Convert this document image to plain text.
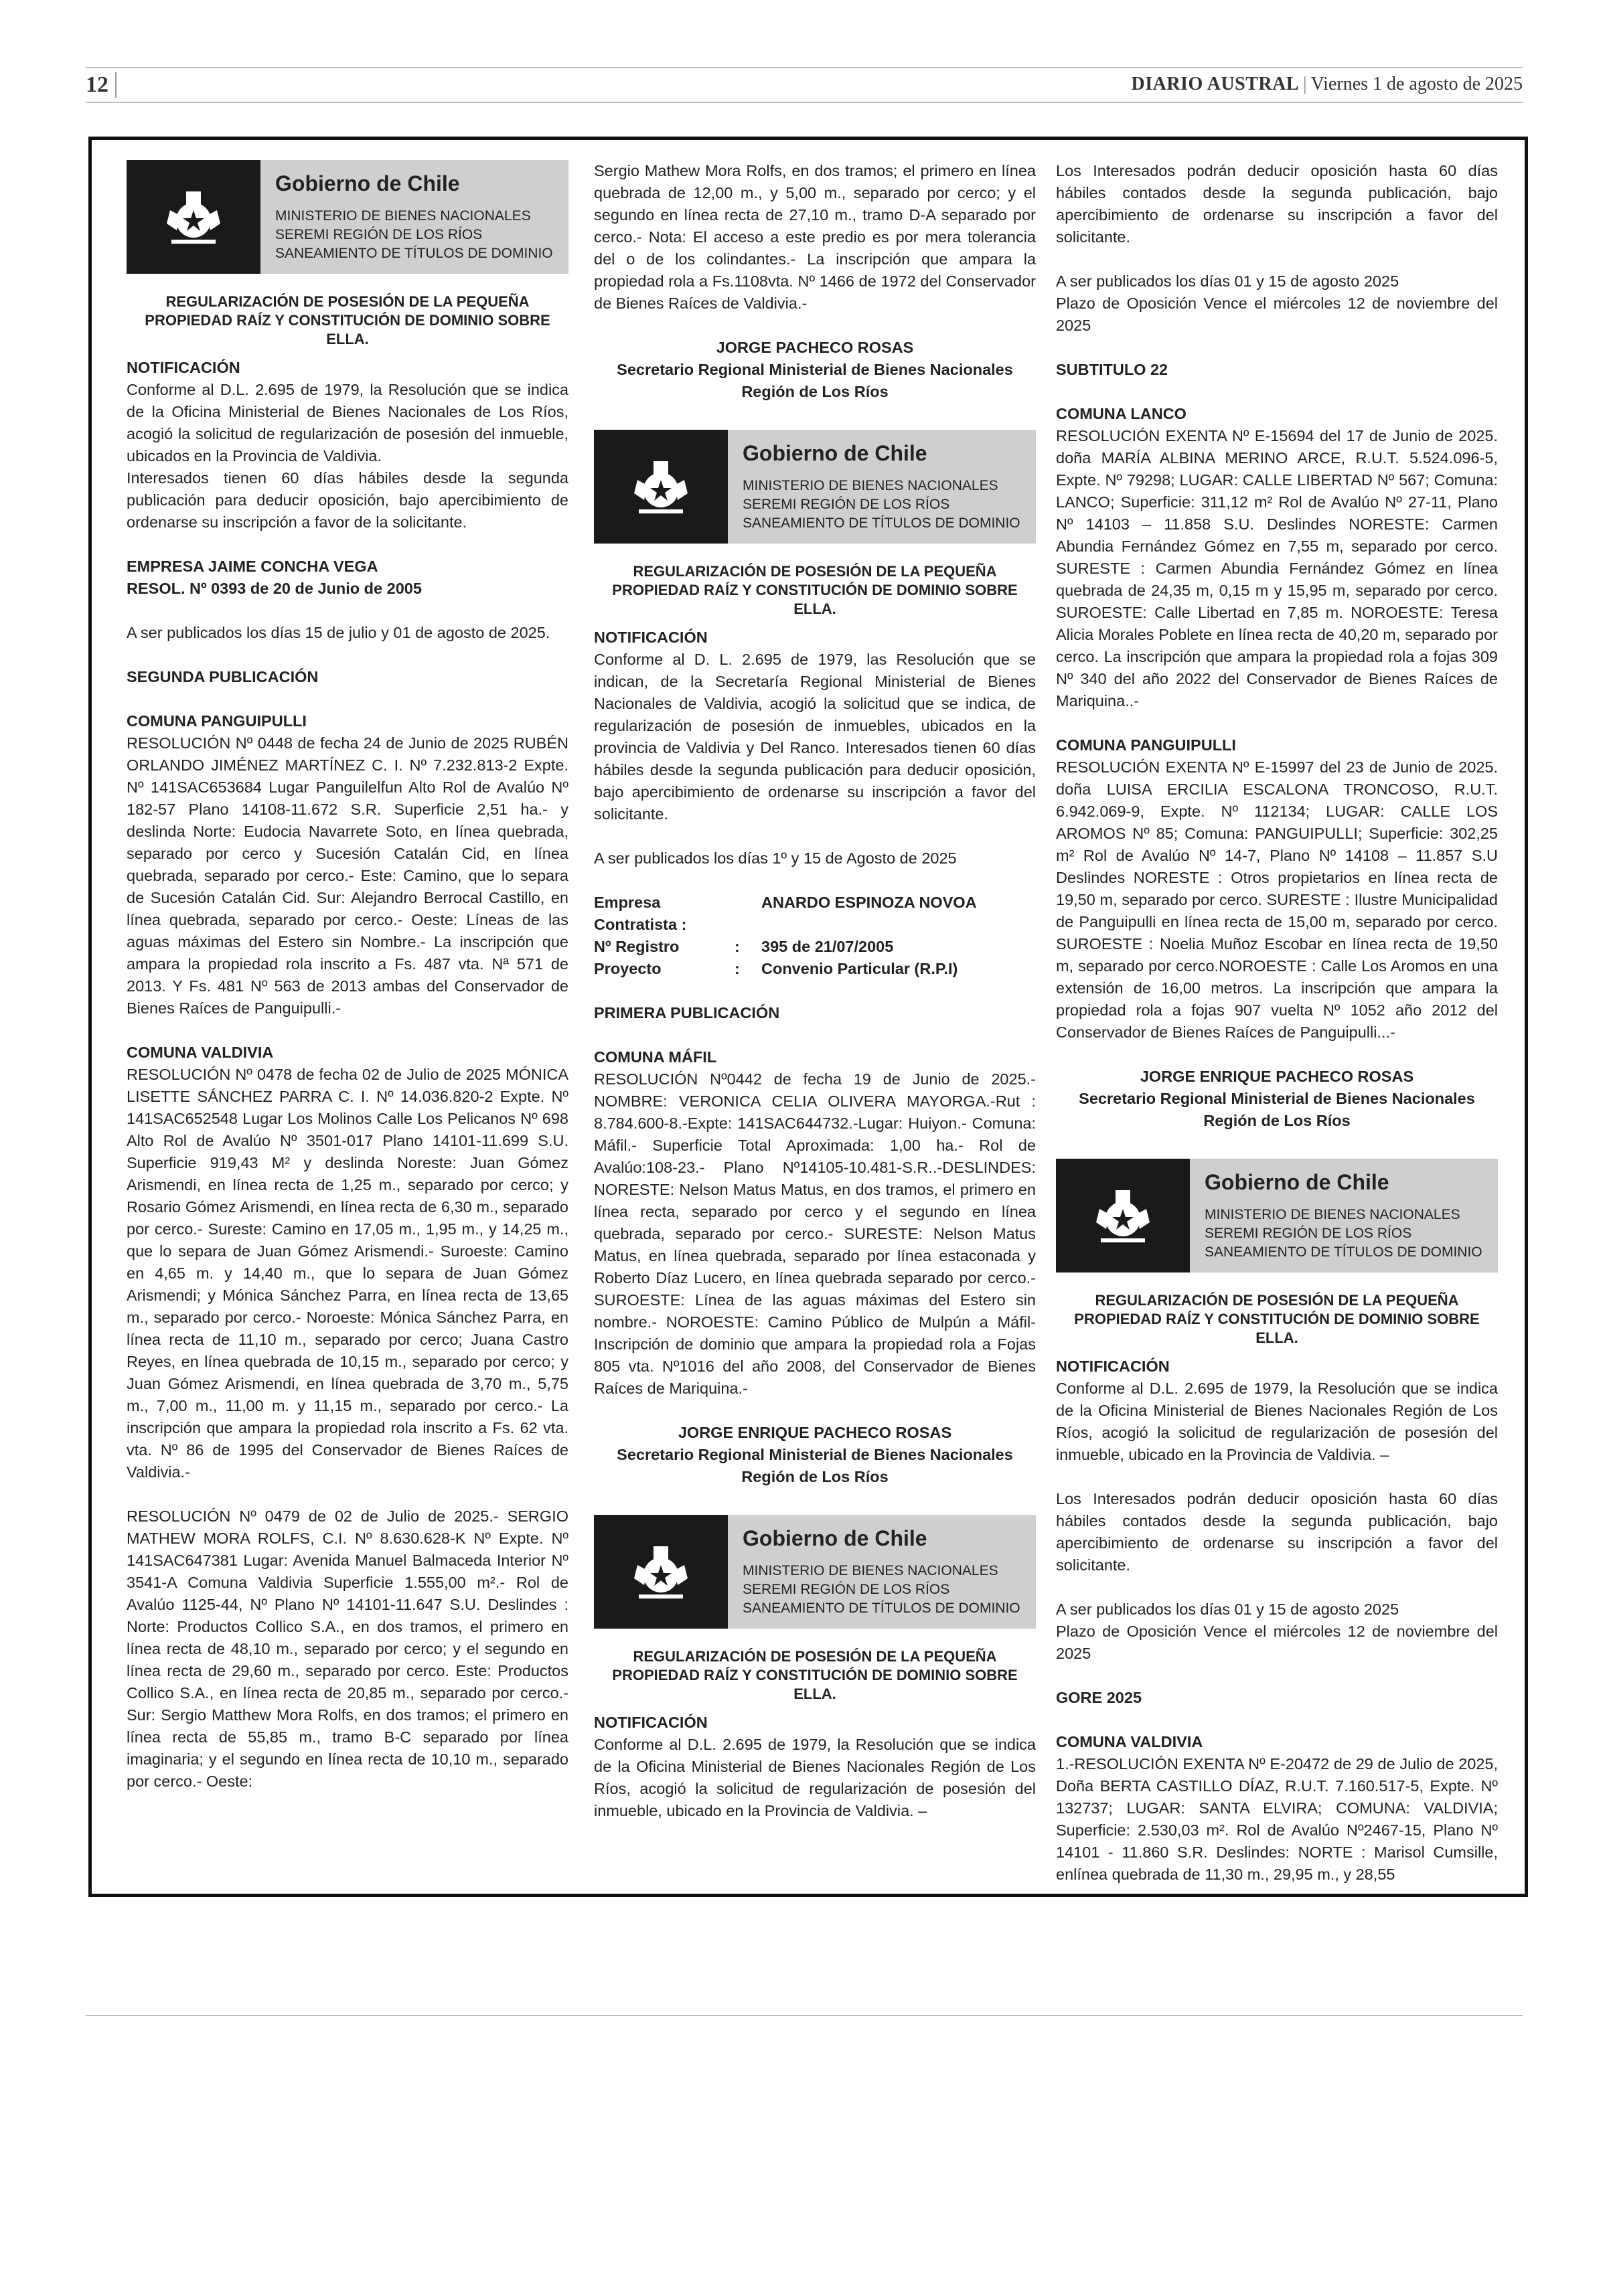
12	DIARIO AUSTRAL | Viernes 1 de agosto de 2025
Gobierno de Chile
MINISTERIO DE BIENES NACIONALES
SEREMI REGIÓN DE LOS RÍOS
SANEAMIENTO DE TÍTULOS DE DOMINIO
REGULARIZACIÓN DE POSESIÓN DE LA PEQUEÑA PROPIEDAD RAÍZ Y CONSTITUCIÓN DE DOMINIO SOBRE ELLA.
NOTIFICACIÓN

Conforme al D.L. 2.695 de 1979, la Resolución que se indica de la Oficina Ministerial de Bienes Nacionales de Los Ríos, acogió la solicitud de regularización de posesión del inmueble, ubicados en la Provincia de Valdivia.

Interesados tienen 60 días hábiles desde la segunda publicación para deducir oposición, bajo apercibimiento de ordenarse su inscripción a favor de la solicitante.

EMPRESA JAIME CONCHA VEGA

RESOL. Nº 0393 de 20 de Junio de 2005

A ser publicados los días 15 de julio y 01 de agosto de 2025.

SEGUNDA PUBLICACIÓN

COMUNA PANGUIPULLI

RESOLUCIÓN Nº 0448 de fecha 24 de Junio de 2025 RUBÉN ORLANDO JIMÉNEZ MARTÍNEZ C. I. Nº 7.232.813-2 Expte. Nº 141SAC653684 Lugar Panguilelfun Alto Rol de Avalúo Nº 182-57 Plano 14108-11.672 S.R. Superficie 2,51 ha.- y deslinda Norte: Eudocia Navarrete Soto, en línea quebrada, separado por cerco y Sucesión Catalán Cid, en línea quebrada, separado por cerco.- Este: Camino, que lo separa de Sucesión Catalán Cid. Sur: Alejandro Berrocal Castillo, en línea quebrada, separado por cerco.- Oeste: Líneas de las aguas máximas del Estero sin Nombre.- La inscripción que ampara la propiedad rola inscrito a Fs. 487 vta. Nª 571 de 2013. Y Fs. 481 Nº 563 de 2013 ambas del Conservador de Bienes Raíces de Panguipulli.-

COMUNA VALDIVIA

RESOLUCIÓN Nº 0478 de fecha 02 de Julio de 2025 MÓNICA LISETTE SÁNCHEZ PARRA C. I. Nº 14.036.820-2 Expte. Nº 141SAC652548 Lugar Los Molinos Calle Los Pelicanos Nº 698 Alto Rol de Avalúo Nº 3501-017 Plano 14101-11.699 S.U. Superficie 919,43 M² y deslinda Noreste: Juan Gómez Arismendi, en línea recta de 1,25 m., separado por cerco; y Rosario Gómez Arismendi, en línea recta de 6,30 m., separado por cerco.- Sureste: Camino en 17,05 m., 1,95 m., y 14,25 m., que lo separa de Juan Gómez Arismendi.- Suroeste: Camino en 4,65 m. y 14,40 m., que lo separa de Juan Gómez Arismendi; y Mónica Sánchez Parra, en línea recta de 13,65 m., separado por cerco.- Noroeste: Mónica Sánchez Parra, en línea recta de 11,10 m., separado por cerco; Juana Castro Reyes, en línea quebrada de 10,15 m., separado por cerco; y Juan Gómez Arismendi, en línea quebrada de 3,70 m., 5,75 m., 7,00 m., 11,00 m. y 11,15 m., separado por cerco.- La inscripción que ampara la propiedad rola inscrito a Fs. 62 vta. vta. Nº 86 de 1995 del Conservador de Bienes Raíces de Valdivia.-

RESOLUCIÓN Nº 0479 de 02 de Julio de 2025.- SERGIO MATHEW MORA ROLFS, C.I. Nº 8.630.628-K Nº Expte. Nº 141SAC647381 Lugar: Avenida Manuel Balmaceda Interior Nº 3541-A Comuna Valdivia Superficie 1.555,00 m².- Rol de Avalúo 1125-44, Nº Plano Nº 14101-11.647 S.U. Deslindes : Norte: Productos Collico S.A., en dos tramos, el primero en línea recta de 48,10 m., separado por cerco; y el segundo en línea recta de 29,60 m., separado por cerco. Este: Productos Collico S.A., en línea recta de 20,85 m., separado por cerco.- Sur: Sergio Matthew Mora Rolfs, en dos tramos; el primero en línea recta de 55,85 m., tramo B-C separado por línea imaginaria; y el segundo en línea recta de 10,10 m., separado por cerco.- Oeste:

Sergio Mathew Mora Rolfs, en dos tramos; el primero en línea quebrada de 12,00 m., y 5,00 m., separado por cerco; y el segundo en línea recta de 27,10 m., tramo D-A separado por cerco.- Nota: El acceso a este predio es por mera tolerancia del o de los colindantes.- La inscripción que ampara la propiedad rola a Fs.1108vta. Nº 1466 de 1972 del Conservador de Bienes Raíces de Valdivia.-

JORGE PACHECO ROSAS
Secretario Regional Ministerial de Bienes Nacionales
Región de Los Ríos
Gobierno de Chile
MINISTERIO DE BIENES NACIONALES
SEREMI REGIÓN DE LOS RÍOS
SANEAMIENTO DE TÍTULOS DE DOMINIO
REGULARIZACIÓN DE POSESIÓN DE LA PEQUEÑA PROPIEDAD RAÍZ Y CONSTITUCIÓN DE DOMINIO SOBRE ELLA.
NOTIFICACIÓN

Conforme al D. L. 2.695 de 1979, las Resolución que se indican, de la Secretaría Regional Ministerial de Bienes Nacionales de Valdivia, acogió la solicitud que se indica, de regularización de posesión de inmuebles, ubicados en la provincia de Valdivia y Del Ranco. Interesados tienen 60 días hábiles desde la segunda publicación para deducir oposición, bajo apercibimiento de ordenarse su inscripción a favor del solicitante.

A ser publicados los días 1º y 15 de Agosto de 2025

Empresa Contratista :
ANARDO ESPINOZA NOVOA
Nº Registro	:	395 de 21/07/2005
Proyecto	:	Convenio Particular (R.P.I)

PRIMERA PUBLICACIÓN

COMUNA MÁFIL

RESOLUCIÓN Nº0442 de fecha 19 de Junio de 2025.- NOMBRE: VERONICA CELIA OLIVERA MAYORGA.-Rut : 8.784.600-8.-Expte: 141SAC644732.-Lugar: Huiyon.- Comuna: Máfil.- Superficie Total Aproximada: 1,00 ha.- Rol de Avalúo:108-23.- Plano Nº14105-10.481-S.R..-DESLINDES: NORESTE: Nelson Matus Matus, en dos tramos, el primero en línea recta, separado por cerco y el segundo en línea quebrada, separado por cerco.- SURESTE: Nelson Matus Matus, en línea quebrada, separado por línea estaconada y Roberto Díaz Lucero, en línea quebrada separado por cerco.-SUROESTE: Línea de las aguas máximas del Estero sin nombre.- NOROESTE: Camino Público de Mulpún a Máfil- Inscripción de dominio que ampara la propiedad rola a Fojas 805 vta. Nº1016 del año 2008, del Conservador de Bienes Raíces de Mariquina.-

JORGE ENRIQUE PACHECO ROSAS
Secretario Regional Ministerial de Bienes Nacionales
Región de Los Ríos
Gobierno de Chile
MINISTERIO DE BIENES NACIONALES
SEREMI REGIÓN DE LOS RÍOS
SANEAMIENTO DE TÍTULOS DE DOMINIO
REGULARIZACIÓN DE POSESIÓN DE LA PEQUEÑA PROPIEDAD RAÍZ Y CONSTITUCIÓN DE DOMINIO SOBRE ELLA.
NOTIFICACIÓN

Conforme al D.L. 2.695 de 1979, la Resolución que se indica de la Oficina Ministerial de Bienes Nacionales Región de Los Ríos, acogió la solicitud de regularización de posesión del inmueble, ubicado en la Provincia de Valdivia. –

Los Interesados podrán deducir oposición hasta 60 días hábiles contados desde la segunda publicación, bajo apercibimiento de ordenarse su inscripción a favor del solicitante.

A ser publicados los días 01 y 15 de agosto 2025

Plazo de Oposición Vence el miércoles 12 de noviembre del 2025

SUBTITULO 22

COMUNA LANCO

RESOLUCIÓN EXENTA Nº E-15694 del 17 de Junio de 2025. doña MARÍA ALBINA MERINO ARCE, R.U.T. 5.524.096-5, Expte. Nº 79298; LUGAR: CALLE LIBERTAD Nº 567; Comuna: LANCO; Superficie: 311,12 m² Rol de Avalúo Nº 27-11, Plano Nº 14103 – 11.858 S.U. Deslindes NORESTE: Carmen Abundia Fernández Gómez en 7,55 m, separado por cerco. SURESTE : Carmen Abundia Fernández Gómez en línea quebrada de 24,35 m, 0,15 m y 15,95 m, separado por cerco. SUROESTE: Calle Libertad en 7,85 m. NOROESTE: Teresa Alicia Morales Poblete en línea recta de 40,20 m, separado por cerco. La inscripción que ampara la propiedad rola a fojas 309 Nº 340 del año 2022 del Conservador de Bienes Raíces de Mariquina..-

COMUNA PANGUIPULLI

RESOLUCIÓN EXENTA Nº E-15997 del 23 de Junio de 2025. doña LUISA ERCILIA ESCALONA TRONCOSO, R.U.T. 6.942.069-9, Expte. Nº 112134; LUGAR: CALLE LOS AROMOS Nº 85; Comuna: PANGUIPULLI; Superficie: 302,25 m² Rol de Avalúo Nº 14-7, Plano Nº 14108 – 11.857 S.U Deslindes NORESTE : Otros propietarios en línea recta de 19,50 m, separado por cerco. SURESTE : Ilustre Municipalidad de Panguipulli en línea recta de 15,00 m, separado por cerco. SUROESTE : Noelia Muñoz Escobar en línea recta de 19,50 m, separado por cerco.NOROESTE : Calle Los Aromos en una extensión de 16,00 metros. La inscripción que ampara la propiedad rola a fojas 907 vuelta Nº 1052 año 2012 del Conservador de Bienes Raíces de Panguipulli...-

JORGE ENRIQUE PACHECO ROSAS
Secretario Regional Ministerial de Bienes Nacionales
Región de Los Ríos
Gobierno de Chile
MINISTERIO DE BIENES NACIONALES
SEREMI REGIÓN DE LOS RÍOS
SANEAMIENTO DE TÍTULOS DE DOMINIO
REGULARIZACIÓN DE POSESIÓN DE LA PEQUEÑA PROPIEDAD RAÍZ Y CONSTITUCIÓN DE DOMINIO SOBRE ELLA.
NOTIFICACIÓN

Conforme al D.L. 2.695 de 1979, la Resolución que se indica de la Oficina Ministerial de Bienes Nacionales Región de Los Ríos, acogió la solicitud de regularización de posesión del inmueble, ubicado en la Provincia de Valdivia. –

Los Interesados podrán deducir oposición hasta 60 días hábiles contados desde la segunda publicación, bajo apercibimiento de ordenarse su inscripción a favor del solicitante.

A ser publicados los días 01 y 15 de agosto 2025

Plazo de Oposición Vence el miércoles 12 de noviembre del 2025

GORE 2025

COMUNA VALDIVIA

1.-RESOLUCIÓN EXENTA Nº E-20472 de 29 de Julio de 2025, Doña BERTA CASTILLO DÍAZ, R.U.T. 7.160.517-5, Expte. Nº 132737; LUGAR: SANTA ELVIRA; COMUNA: VALDIVIA; Superficie: 2.530,03 m². Rol de Avalúo Nº2467-15, Plano Nº 14101 - 11.860 S.R. Deslindes: NORTE : Marisol Cumsille, enlínea quebrada de 11,30 m., 29,95 m., y 28,55
